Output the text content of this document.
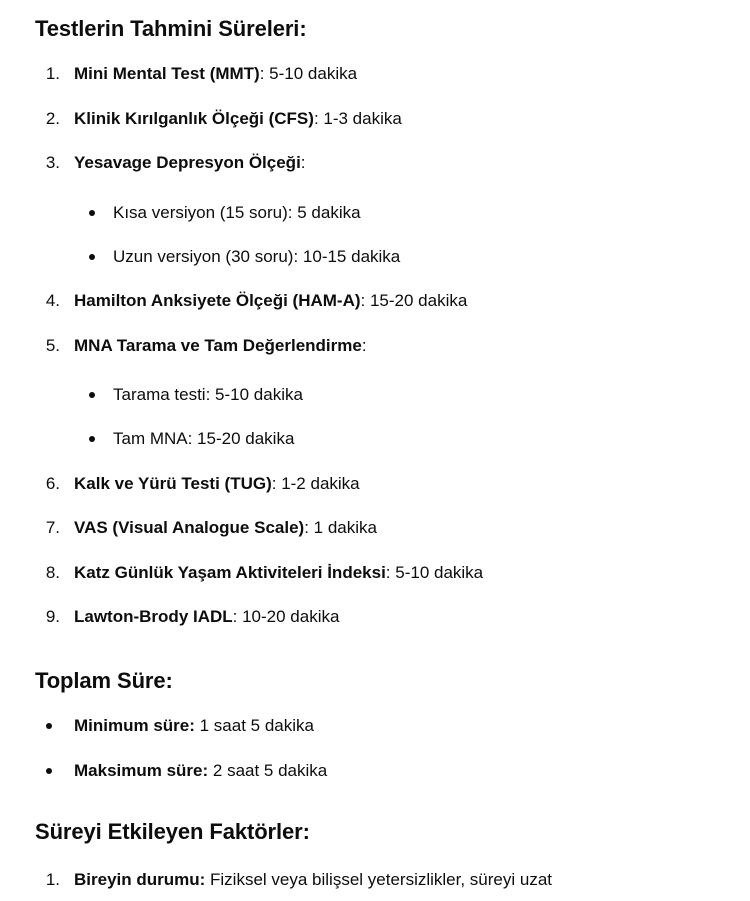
Testlerin Tahmini Süreleri:
1. Mini Mental Test (MMT): 5-10 dakika
2. Klinik Kırılganlık Ölçeği (CFS): 1-3 dakika
3. Yesavage Depresyon Ölçeği:
Kısa versiyon (15 soru): 5 dakika
Uzun versiyon (30 soru): 10-15 dakika
4. Hamilton Anksiyete Ölçeği (HAM-A): 15-20 dakika
5. MNA Tarama ve Tam Değerlendirme:
Tarama testi: 5-10 dakika
Tam MNA: 15-20 dakika
6. Kalk ve Yürü Testi (TUG): 1-2 dakika
7. VAS (Visual Analogue Scale): 1 dakika
8. Katz Günlük Yaşam Aktiviteleri İndeksi: 5-10 dakika
9. Lawton-Brody IADL: 10-20 dakika
Toplam Süre:
Minimum süre: 1 saat 5 dakika
Maksimum süre: 2 saat 5 dakika
Süreyi Etkileyen Faktörler:
1. Bireyin durumu: Fiziksel veya bilişsel yetersizlikler, süreyi uzat
